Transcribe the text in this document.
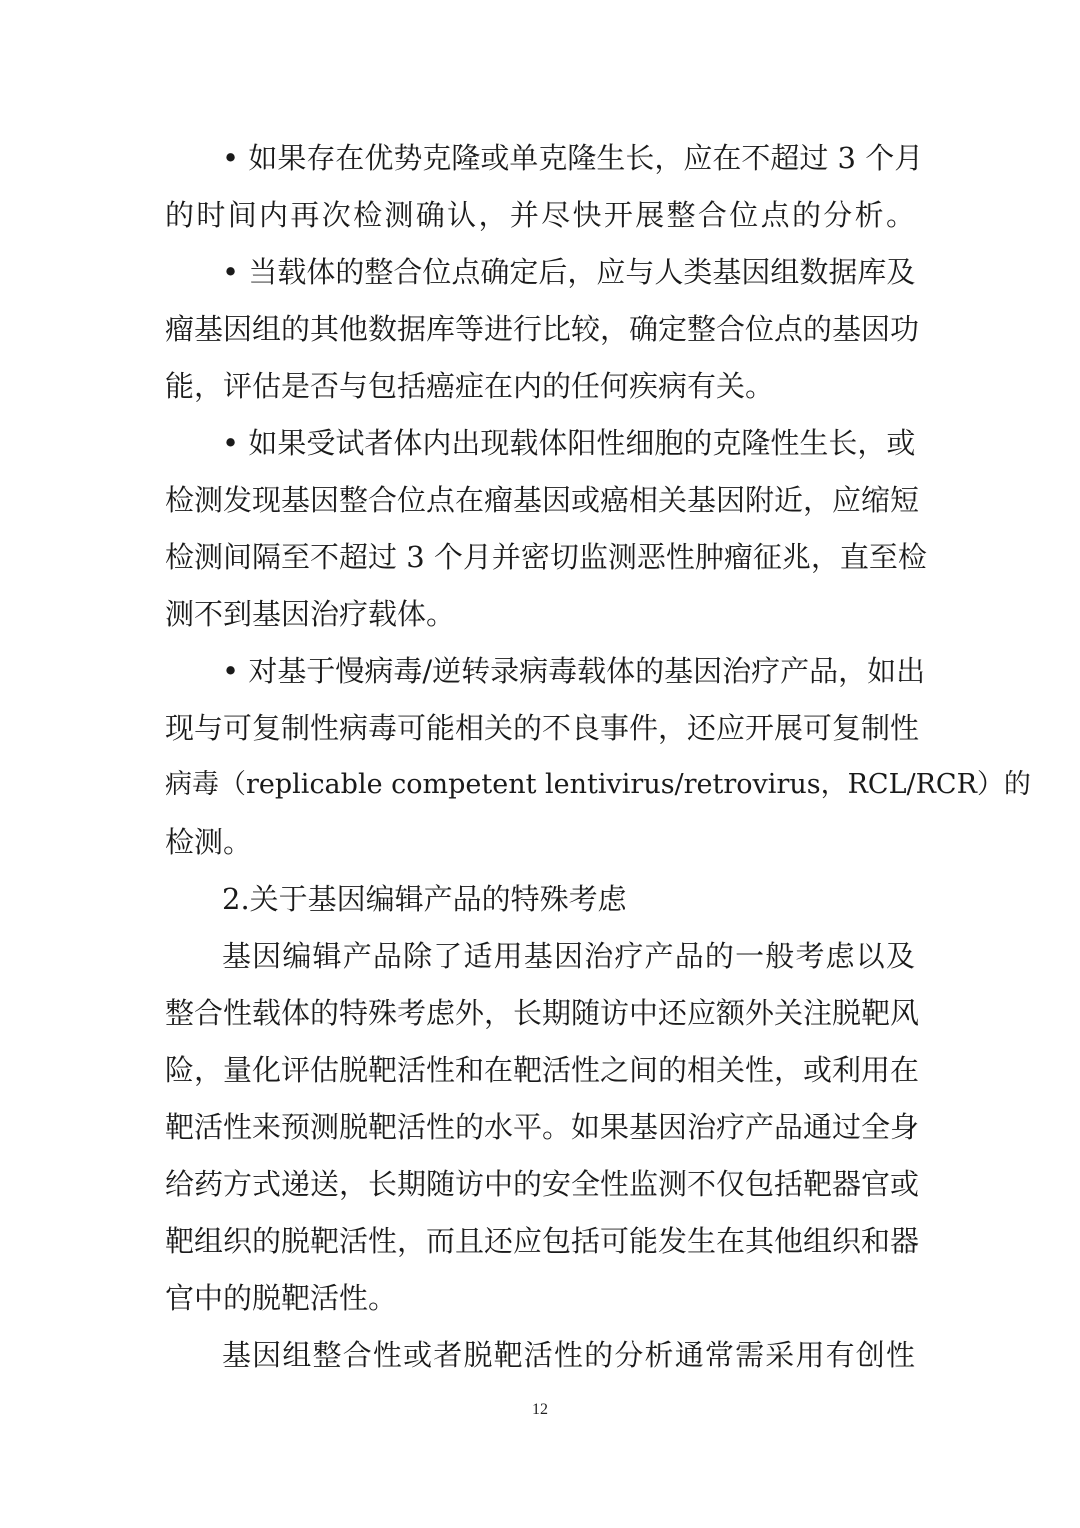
• 如果存在优势克隆或单克隆生长，应在不超过 3 个月
的时间内再次检测确认，并尽快开展整合位点的分析。
• 当载体的整合位点确定后，应与人类基因组数据库及
瘤基因组的其他数据库等进行比较，确定整合位点的基因功
能，评估是否与包括癌症在内的任何疾病有关。
• 如果受试者体内出现载体阳性细胞的克隆性生长，或
检测发现基因整合位点在瘤基因或癌相关基因附近，应缩短
检测间隔至不超过 3 个月并密切监测恶性肿瘤征兆，直至检
测不到基因治疗载体。
• 对基于慢病毒/逆转录病毒载体的基因治疗产品，如出
现与可复制性病毒可能相关的不良事件，还应开展可复制性
病毒（replicable competent lentivirus/retrovirus，RCL/RCR）的
检测。
2.关于基因编辑产品的特殊考虑
基因编辑产品除了适用基因治疗产品的一般考虑以及
整合性载体的特殊考虑外，长期随访中还应额外关注脱靶风
险，量化评估脱靶活性和在靶活性之间的相关性，或利用在
靶活性来预测脱靶活性的水平。如果基因治疗产品通过全身
给药方式递送，长期随访中的安全性监测不仅包括靶器官或
靶组织的脱靶活性，而且还应包括可能发生在其他组织和器
官中的脱靶活性。
基因组整合性或者脱靶活性的分析通常需采用有创性
12
